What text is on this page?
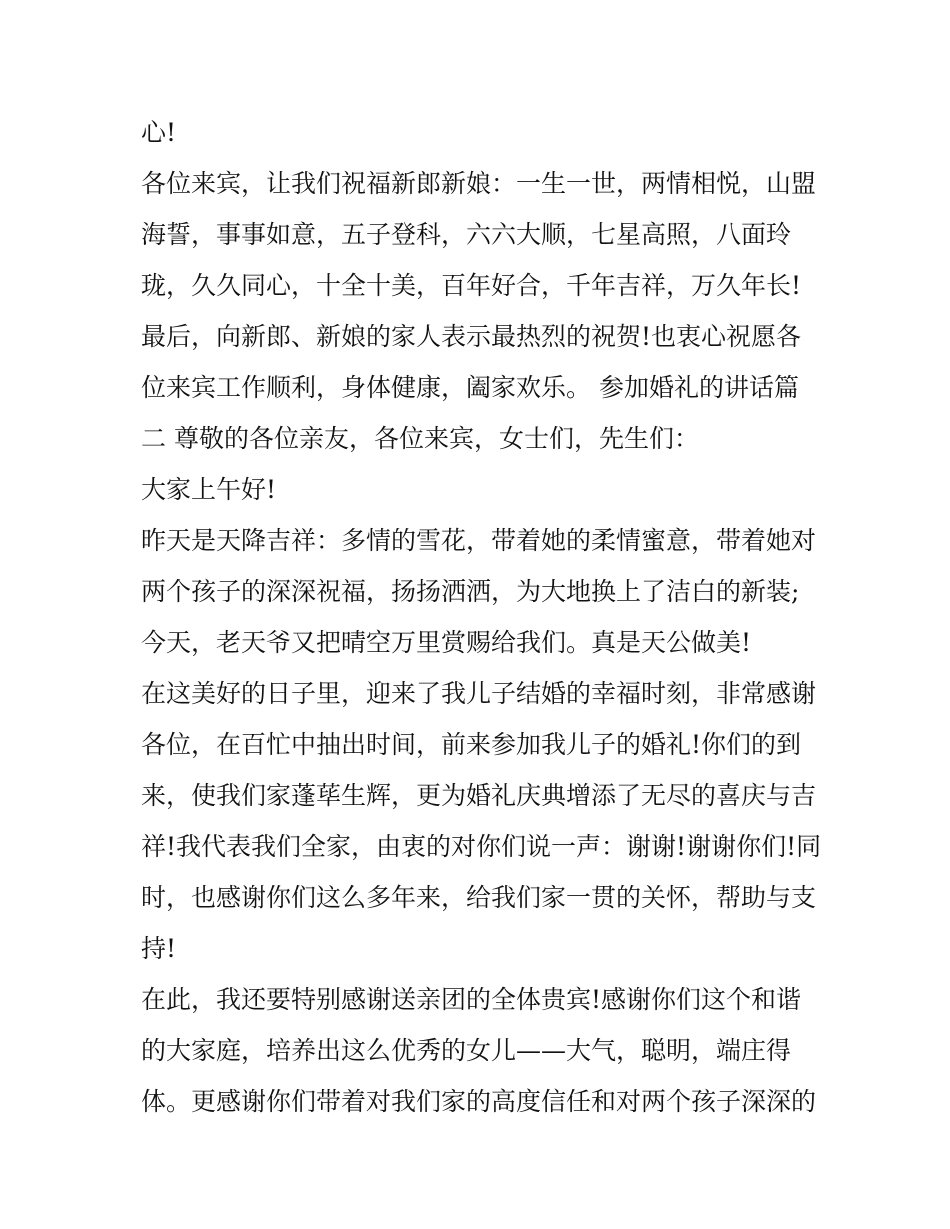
心!
各位来宾，让我们祝福新郎新娘：一生一世，两情相悦，山盟
海誓，事事如意，五子登科，六六大顺，七星高照，八面玲
珑，久久同心，十全十美，百年好合，千年吉祥，万久年长!
最后，向新郎、新娘的家人表示最热烈的祝贺!也衷心祝愿各
位来宾工作顺利，身体健康，阖家欢乐。 参加婚礼的讲话篇
二 尊敬的各位亲友，各位来宾，女士们，先生们：
大家上午好!
昨天是天降吉祥：多情的雪花，带着她的柔情蜜意，带着她对
两个孩子的深深祝福，扬扬洒洒，为大地换上了洁白的新装;
今天，老天爷又把晴空万里赏赐给我们。真是天公做美!
在这美好的日子里，迎来了我儿子结婚的幸福时刻，非常感谢
各位，在百忙中抽出时间，前来参加我儿子的婚礼!你们的到
来，使我们家蓬荜生辉，更为婚礼庆典增添了无尽的喜庆与吉
祥!我代表我们全家，由衷的对你们说一声：谢谢!谢谢你们!同
时，也感谢你们这么多年来，给我们家一贯的关怀，帮助与支
持!
在此，我还要特别感谢送亲团的全体贵宾!感谢你们这个和谐
的大家庭，培养出这么优秀的女儿——大气，聪明，端庄得
体。更感谢你们带着对我们家的高度信任和对两个孩子深深的
